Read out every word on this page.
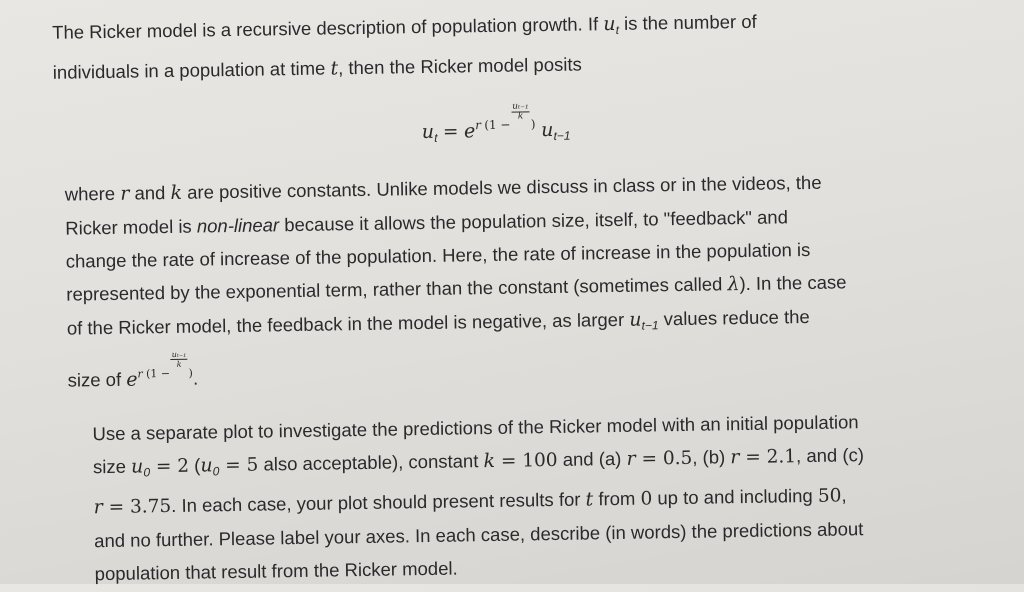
The Ricker model is a recursive description of population growth. If $u_t$ is the number of
individuals in a population at time t, then the Ricker model posits
$u_t = e^{r (1 - \frac{\text{uₜ₋₁}}{k} )}$ $u_{t-1}$
where r and k are positive constants. Unlike models we discuss in class or in the videos, the
Ricker model is non-linear because it allows the population size, itself, to "feedback" and
change the rate of increase of the population. Here, the rate of increase in the population is
represented by the exponential term, rather than the constant (sometimes called λ). In the case
of the Ricker model, the feedback in the model is negative, as larger $u_{t-1}$ values reduce the
size of $e^{r (1 - \frac{\text{uₜ₋₁}}{k} )}$.
Use a separate plot to investigate the predictions of the Ricker model with an initial population
size $u_0 = 2$ ($u_0 = 5$ also acceptable), constant k = 100 and (a) r = 0.5, (b) r = 2.1, and (c)
r = 3.75. In each case, your plot should present results for t from 0 up to and including 50,
and no further. Please label your axes. In each case, describe (in words) the predictions about
population that result from the Ricker model.
